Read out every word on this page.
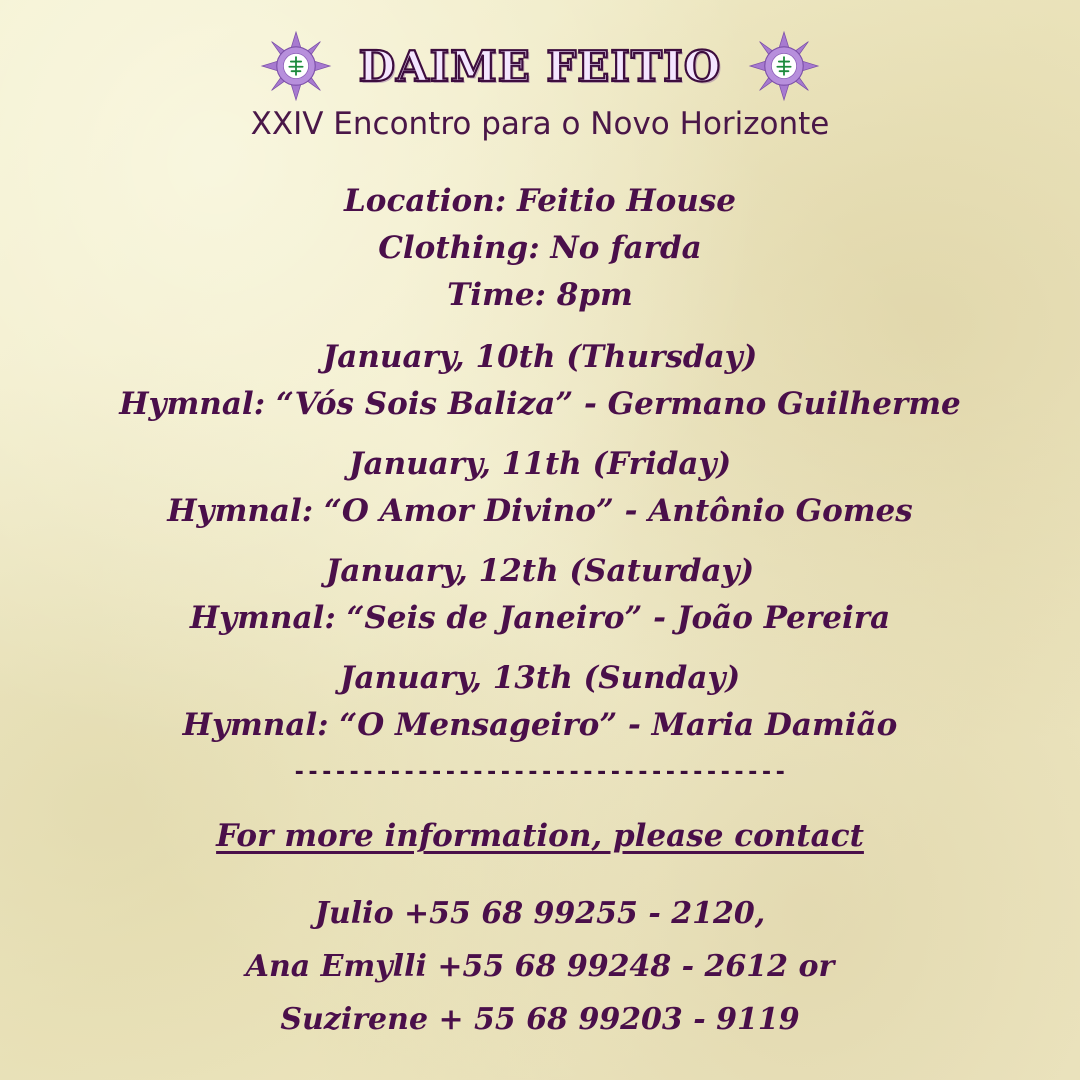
DAIME FEITIO
XXIV Encontro para o Novo Horizonte
Location: Feitio House
Clothing: No farda
Time: 8pm
January, 10th (Thursday)
Hymnal: “Vós Sois Baliza” - Germano Guilherme
January, 11th (Friday)
Hymnal: “O Amor Divino” - Antônio Gomes
January, 12th (Saturday)
Hymnal: “Seis de Janeiro” - João Pereira
January, 13th (Sunday)
Hymnal: “O Mensageiro” - Maria Damião
------------------------------------
For more information, please contact
Julio +55 68 99255 - 2120,
Ana Emylli +55 68 99248 - 2612 or
Suzirene + 55 68 99203 - 9119
